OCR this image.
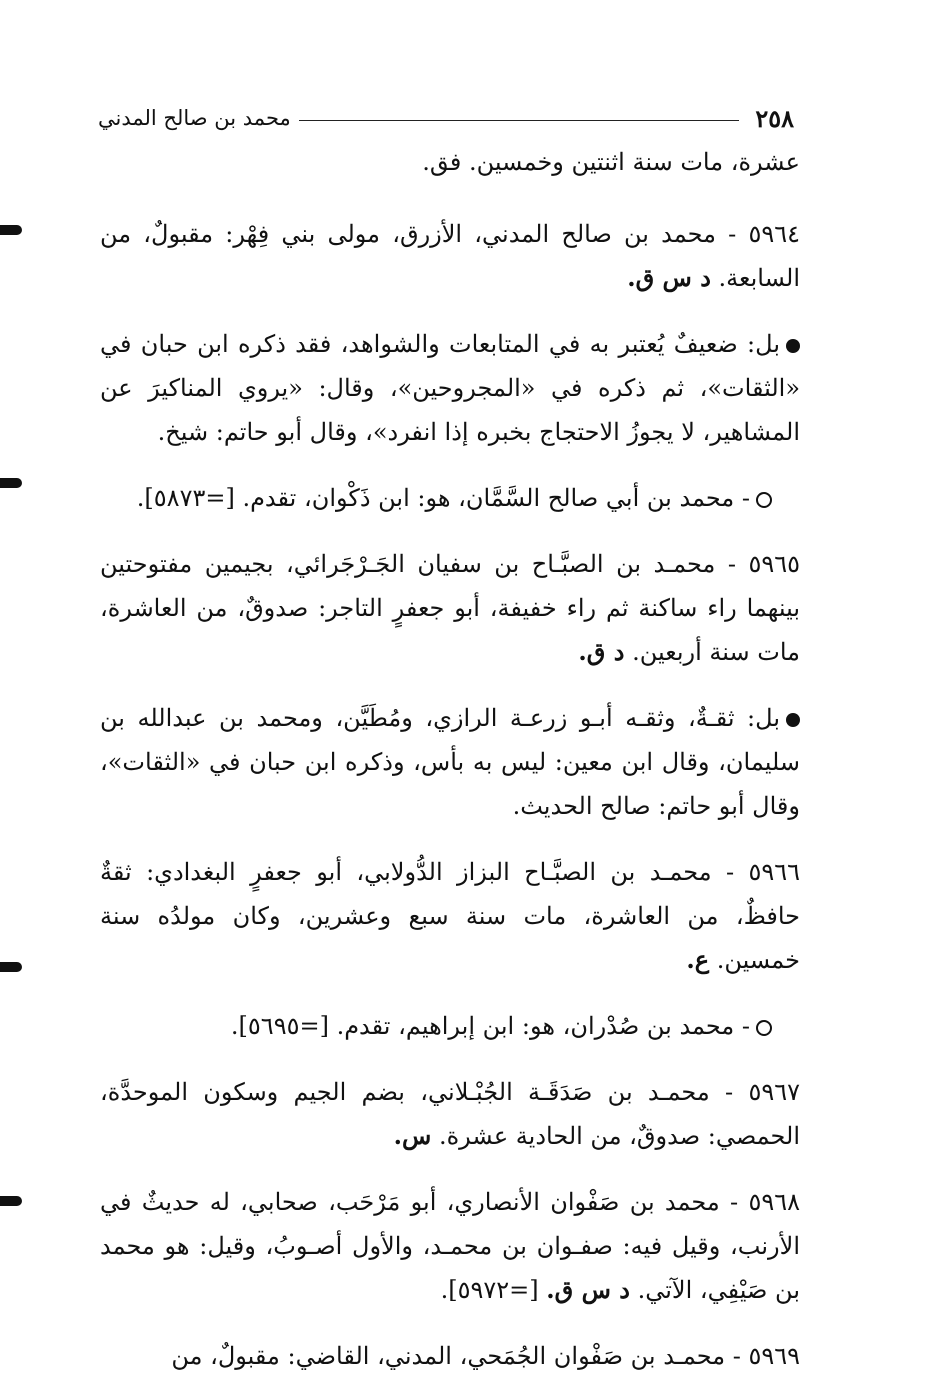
٢٥٨
محمد بن صالح المدني

عشرة، مات سنة اثنتين وخمسين. فق.

٥٩٦٤ - محمد بن صالح المدني، الأزرق، مولى بني فِهْر: مقبولٌ، من السابعة. د س ق.

بل: ضعيفٌ يُعتبر به في المتابعات والشواهد، فقد ذكره ابن حبان في «الثقات»، ثم ذكره في «المجروحين»، وقال: «يروي المناكيرَ عن المشاهير، لا يجوزُ الاحتجاج بخبره إذا انفرد»، وقال أبو حاتم: شيخ.

- محمد بن أبي صالح السَّمَّان، هو: ابن ذَكْوان، تقدم. [=٥٨٧٣].

٥٩٦٥ - محمـد بن الصبَّـاح بن سفيان الجَـرْجَرائي، بجيمين مفتوحتين بينهما راء ساكنة ثم راء خفيفة، أبو جعفرٍ التاجر: صدوقٌ، من العاشرة، مات سنة أربعين. د ق.

بل: ثقـةٌ، وثقـه أبـو زرعـة الرازي، ومُطَيَّن، ومحمد بن عبدالله بن سليمان، وقال ابن معين: ليس به بأس، وذكره ابن حبان في «الثقات»، وقال أبو حاتم: صالح الحديث.

٥٩٦٦ - محمـد بن الصبَّـاح البزاز الدُّولابي، أبو جعفرٍ البغدادي: ثقةٌ حافظٌ، من العاشرة، مات سنة سبع وعشرين، وكان مولدُه سنة خمسين. ع.

- محمد بن صُدْران، هو: ابن إبراهيم، تقدم. [=٥٦٩٥].

٥٩٦٧ - محمـد بن صَدَقَـة الجُبْـلاني، بضم الجيم وسكون الموحدَّة، الحمصي: صدوقٌ، من الحادية عشرة. س.

٥٩٦٨ - محمد بن صَفْوان الأنصاري، أبو مَرْحَب، صحابي، له حديثٌ في الأرنب، وقيل فيه: صفـوان بن محمـد، والأول أصـوبُ، وقيل: هو محمد بن صَيْفِي، الآتي. د س ق. [=٥٩٧٢].

٥٩٦٩ - محمـد بن صَفْوان الجُمَحي، المدني، القاضي: مقبولٌ، من
